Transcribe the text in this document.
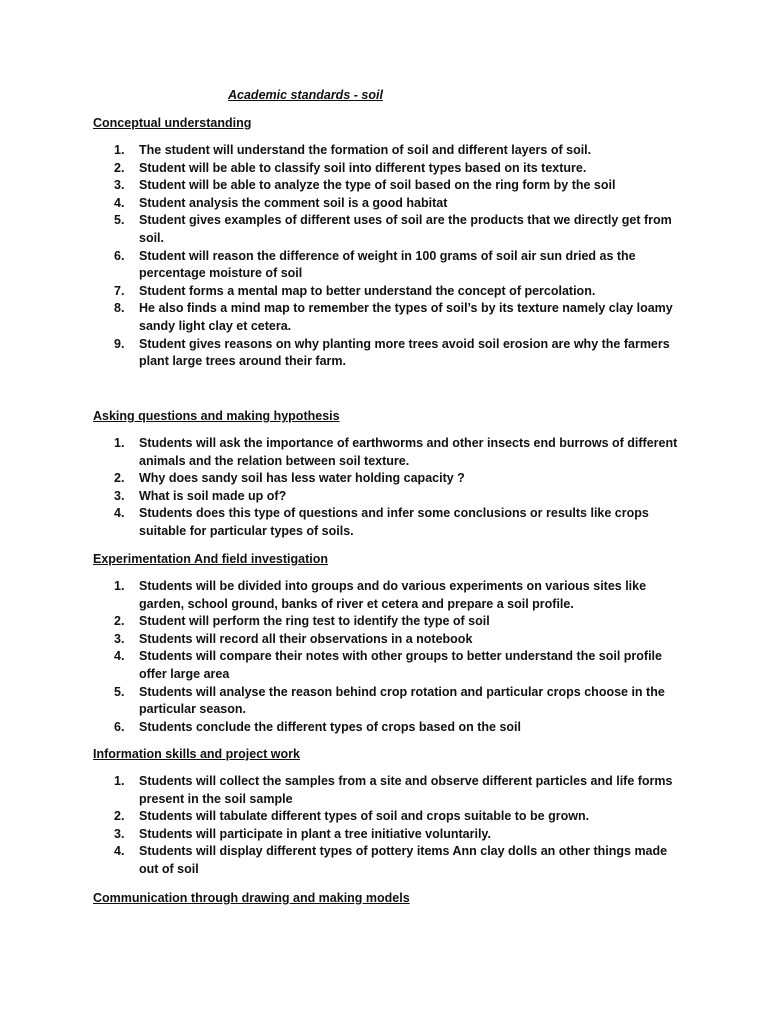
Academic standards - soil

Conceptual understanding

1.	The student will understand the formation of soil and different layers of soil.
2.	Student will be able to classify soil into different types based on its texture.
3.	Student will be able to analyze the type of soil based on the ring form by the soil
4.	Student analysis the comment soil is a good habitat
5.	Student gives examples of different uses of soil are the products that we directly get from soil.
6.	Student will reason the difference of weight in 100 grams of soil air sun dried as the percentage moisture of soil
7.	Student forms a mental map to better understand the concept of percolation.
8.	He also finds a mind map to remember the types of soil’s by its texture namely clay loamy sandy light clay et cetera.
9.	Student gives reasons on why planting more trees avoid soil erosion are why the farmers plant large trees around their farm.

Asking questions and making hypothesis

1.	Students will ask the importance of earthworms and other insects end burrows of different animals and the relation between soil texture.
2.	Why does sandy soil has less water holding capacity ?
3.	What is soil made up of?
4.	Students does this type of questions and infer some conclusions or results like crops suitable for particular types of soils.

Experimentation And field investigation

1.	Students will be divided into groups and do various experiments on various sites like garden, school ground, banks of river et cetera and prepare a soil profile.
2.	Student will perform the ring test to identify the type of soil
3.	Students will record all their observations in a notebook
4.	Students will compare their notes with other groups to better understand the soil profile offer large area
5.	Students will analyse the reason behind crop rotation and particular crops choose in the particular season.
6.	Students conclude the different types of crops based on the soil

Information skills and project work

1.	Students will collect the samples from a site and observe different particles and life forms present in the soil sample
2.	Students will tabulate different types of soil and crops suitable to be grown.
3.	Students will participate in plant a tree initiative voluntarily.
4.	Students will display different types of pottery items Ann clay dolls an other things made out of soil

Communication through drawing and making models
